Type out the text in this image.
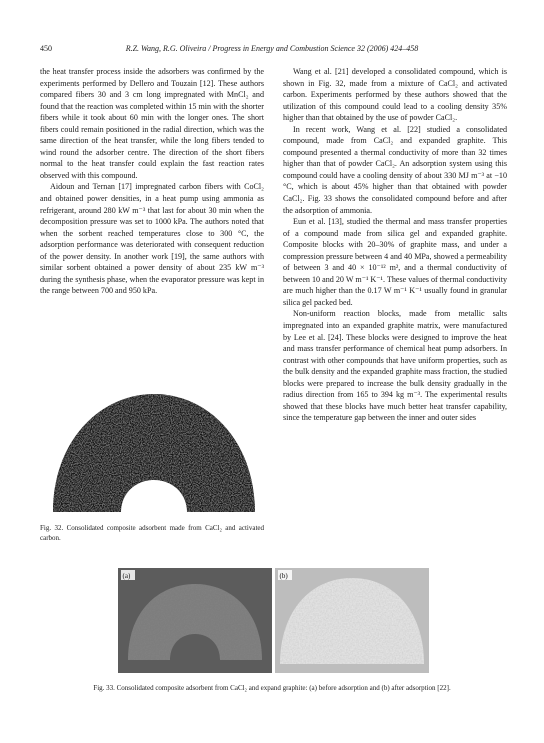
450	R.Z. Wang, R.G. Oliveira / Progress in Energy and Combustion Science 32 (2006) 424–458

the heat transfer process inside the adsorbers was confirmed by the experiments performed by Dellero and Touzain [12]. These authors compared fibers 30 and 3 cm long impregnated with MnCl₂ and found that the reaction was completed within 15 min with the shorter fibers while it took about 60 min with the longer ones. The short fibers could remain positioned in the radial direction, which was the same direction of the heat transfer, while the long fibers tended to wind round the adsorber centre. The direction of the short fibers normal to the heat transfer could explain the fast reaction rates observed with this compound.

Aidoun and Ternan [17] impregnated carbon fibers with CoCl₂ and obtained power densities, in a heat pump using ammonia as refrigerant, around 280 kW m⁻³ that last for about 30 min when the decomposition pressure was set to 1000 kPa. The authors noted that when the sorbent reached temperatures close to 300 °C, the adsorption performance was deteriorated with consequent reduction of the power density. In another work [19], the same authors with similar sorbent obtained a power density of about 235 kW m⁻³ during the synthesis phase, when the evaporator pressure was kept in the range between 700 and 950 kPa.

Wang et al. [21] developed a consolidated compound, which is shown in Fig. 32, made from a mixture of CaCl₂ and activated carbon. Experiments performed by these authors showed that the utilization of this compound could lead to a cooling density 35% higher than that obtained by the use of powder CaCl₂.

In recent work, Wang et al. [22] studied a consolidated compound, made from CaCl₂ and expanded graphite. This compound presented a thermal conductivity of more than 32 times higher than that of powder CaCl₂. An adsorption system using this compound could have a cooling density of about 330 MJ m⁻³ at −10 °C, which is about 45% higher than that obtained with powder CaCl₂. Fig. 33 shows the consolidated compound before and after the adsorption of ammonia.

Eun et al. [13], studied the thermal and mass transfer properties of a compound made from silica gel and expanded graphite. Composite blocks with 20–30% of graphite mass, and under a compression pressure between 4 and 40 MPa, showed a permeability of between 3 and 40 × 10⁻¹² m², and a thermal conductivity of between 10 and 20 W m⁻¹ K⁻¹. These values of thermal conductivity are much higher than the 0.17 W m⁻¹ K⁻¹ usually found in granular silica gel packed bed.

Non-uniform reaction blocks, made from metallic salts impregnated into an expanded graphite matrix, were manufactured by Lee et al. [24]. These blocks were designed to improve the heat and mass transfer performance of chemical heat pump adsorbers. In contrast with other compounds that have uniform properties, such as the bulk density and the expanded graphite mass fraction, the studied blocks were prepared to increase the bulk density gradually in the radius direction from 165 to 394 kg m⁻³. The experimental results showed that these blocks have much better heat transfer capability, since the temperature gap between the inner and outer sides

Fig. 32. Consolidated composite adsorbent made from CaCl₂ and activated carbon.
(a)	(b)
Fig. 33. Consolidated composite adsorbent from CaCl₂ and expand graphite: (a) before adsorption and (b) after adsorption [22].
